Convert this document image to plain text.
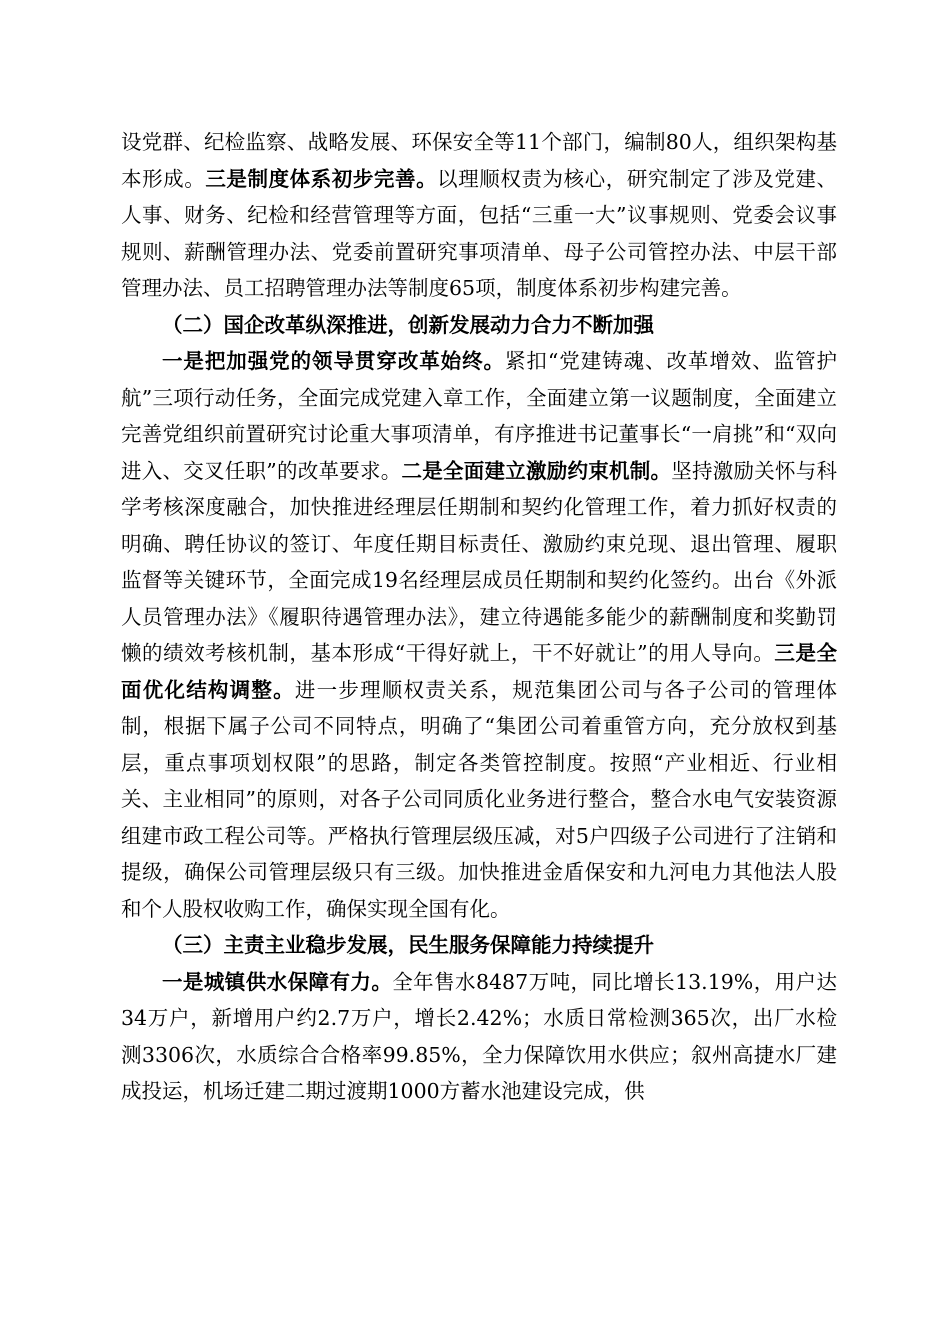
设党群、纪检监察、战略发展、环保安全等11个部门，编制80人，组织架构基本形成。三是制度体系初步完善。以理顺权责为核心，研究制定了涉及党建、人事、财务、纪检和经营管理等方面，包括“三重一大”议事规则、党委会议事规则、薪酬管理办法、党委前置研究事项清单、母子公司管控办法、中层干部管理办法、员工招聘管理办法等制度65项，制度体系初步构建完善。

（二）国企改革纵深推进，创新发展动力合力不断加强

一是把加强党的领导贯穿改革始终。紧扣“党建铸魂、改革增效、监管护航”三项行动任务，全面完成党建入章工作，全面建立第一议题制度，全面建立完善党组织前置研究讨论重大事项清单，有序推进书记董事长“一肩挑”和“双向进入、交叉任职”的改革要求。二是全面建立激励约束机制。坚持激励关怀与科学考核深度融合，加快推进经理层任期制和契约化管理工作，着力抓好权责的明确、聘任协议的签订、年度任期目标责任、激励约束兑现、退出管理、履职监督等关键环节，全面完成19名经理层成员任期制和契约化签约。出台《外派人员管理办法》《履职待遇管理办法》，建立待遇能多能少的薪酬制度和奖勤罚懒的绩效考核机制，基本形成“干得好就上，干不好就让”的用人导向。三是全面优化结构调整。进一步理顺权责关系，规范集团公司与各子公司的管理体制，根据下属子公司不同特点，明确了“集团公司着重管方向，充分放权到基层，重点事项划权限”的思路，制定各类管控制度。按照“产业相近、行业相关、主业相同”的原则，对各子公司同质化业务进行整合，整合水电气安装资源组建市政工程公司等。严格执行管理层级压减，对5户四级子公司进行了注销和提级，确保公司管理层级只有三级。加快推进金盾保安和九河电力其他法人股和个人股权收购工作，确保实现全国有化。

（三）主责主业稳步发展，民生服务保障能力持续提升

一是城镇供水保障有力。全年售水8487万吨，同比增长13.19%，用户达34万户，新增用户约2.7万户，增长2.42%；水质日常检测365次，出厂水检测3306次，水质综合合格率99.85%，全力保障饮用水供应；叙州高捷水厂建成投运，机场迁建二期过渡期1000方蓄水池建设完成，供
